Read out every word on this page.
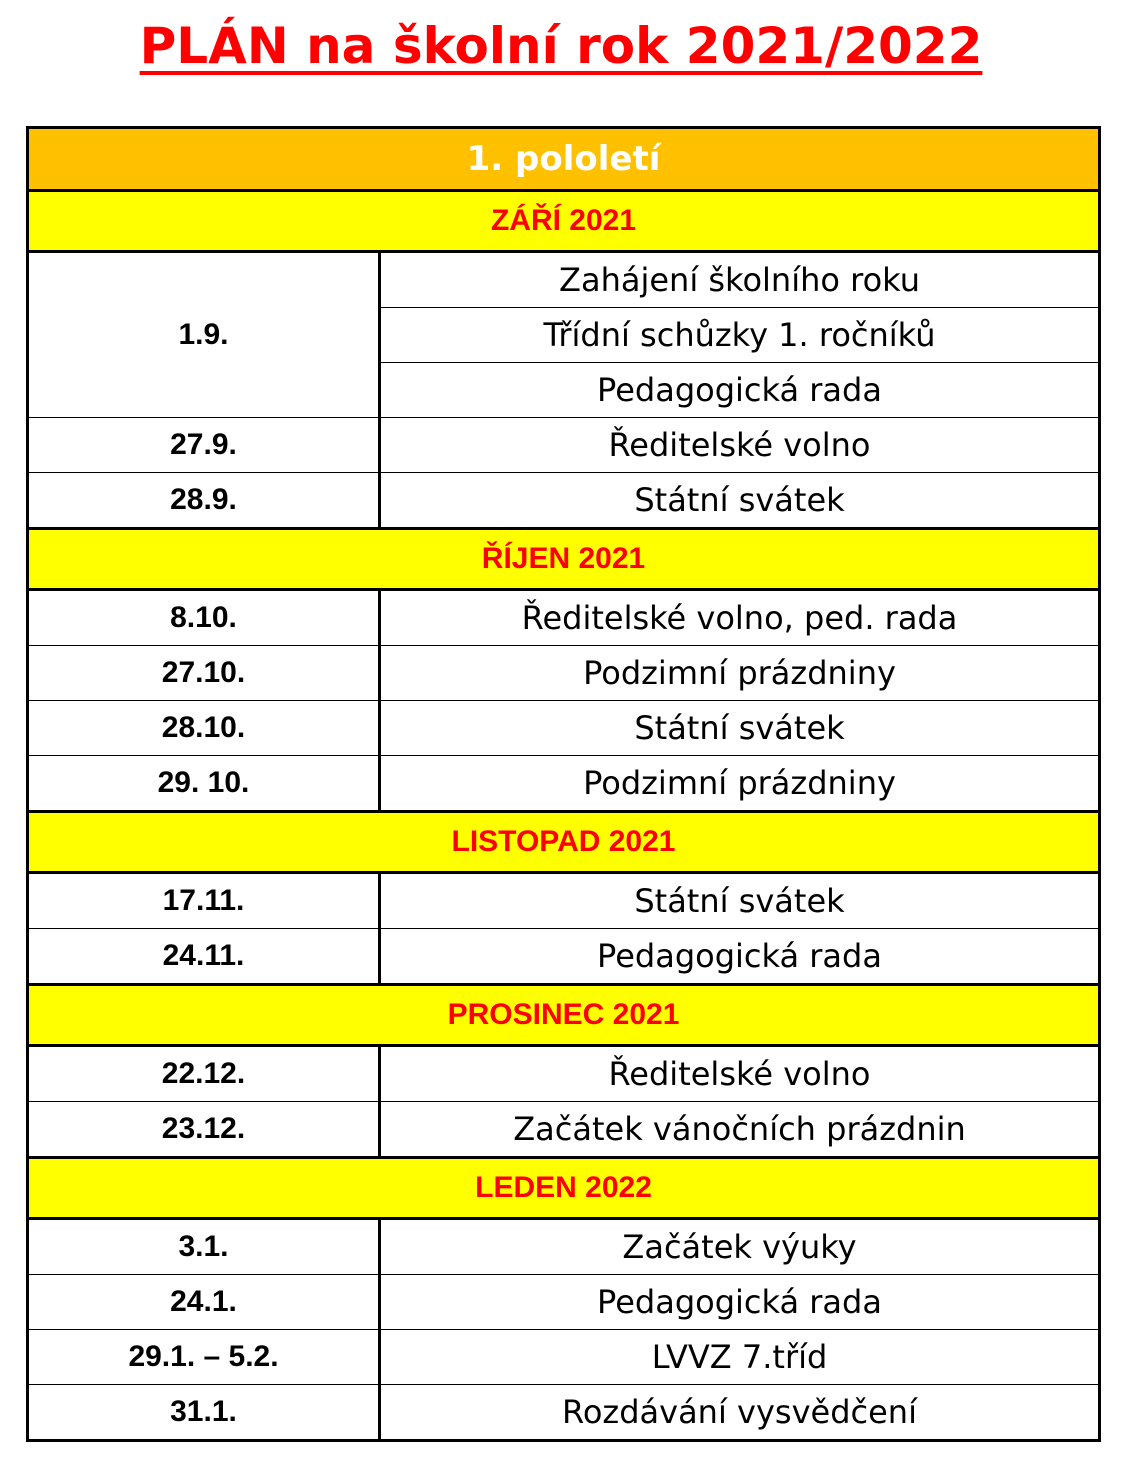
PLÁN na školní rok 2021/2022
1. pololetí	
ZÁŘÍ 2021	
1.9.	Zahájení školního roku
	Třídní schůzky 1. ročníků
	Pedagogická rada
27.9.	Ředitelské volno
28.9.	Státní svátek
ŘÍJEN 2021	
8.10.	Ředitelské volno, ped. rada
27.10.	Podzimní prázdniny
28.10.	Státní svátek
29. 10.	Podzimní prázdniny
LISTOPAD 2021	
17.11.	Státní svátek
24.11.	Pedagogická rada
PROSINEC 2021	
22.12.	Ředitelské volno
23.12.	Začátek vánočních prázdnin
LEDEN 2022	
3.1.	Začátek výuky
24.1.	Pedagogická rada
29.1. – 5.2.	LVVZ 7.tříd
31.1.	Rozdávání vysvědčení
